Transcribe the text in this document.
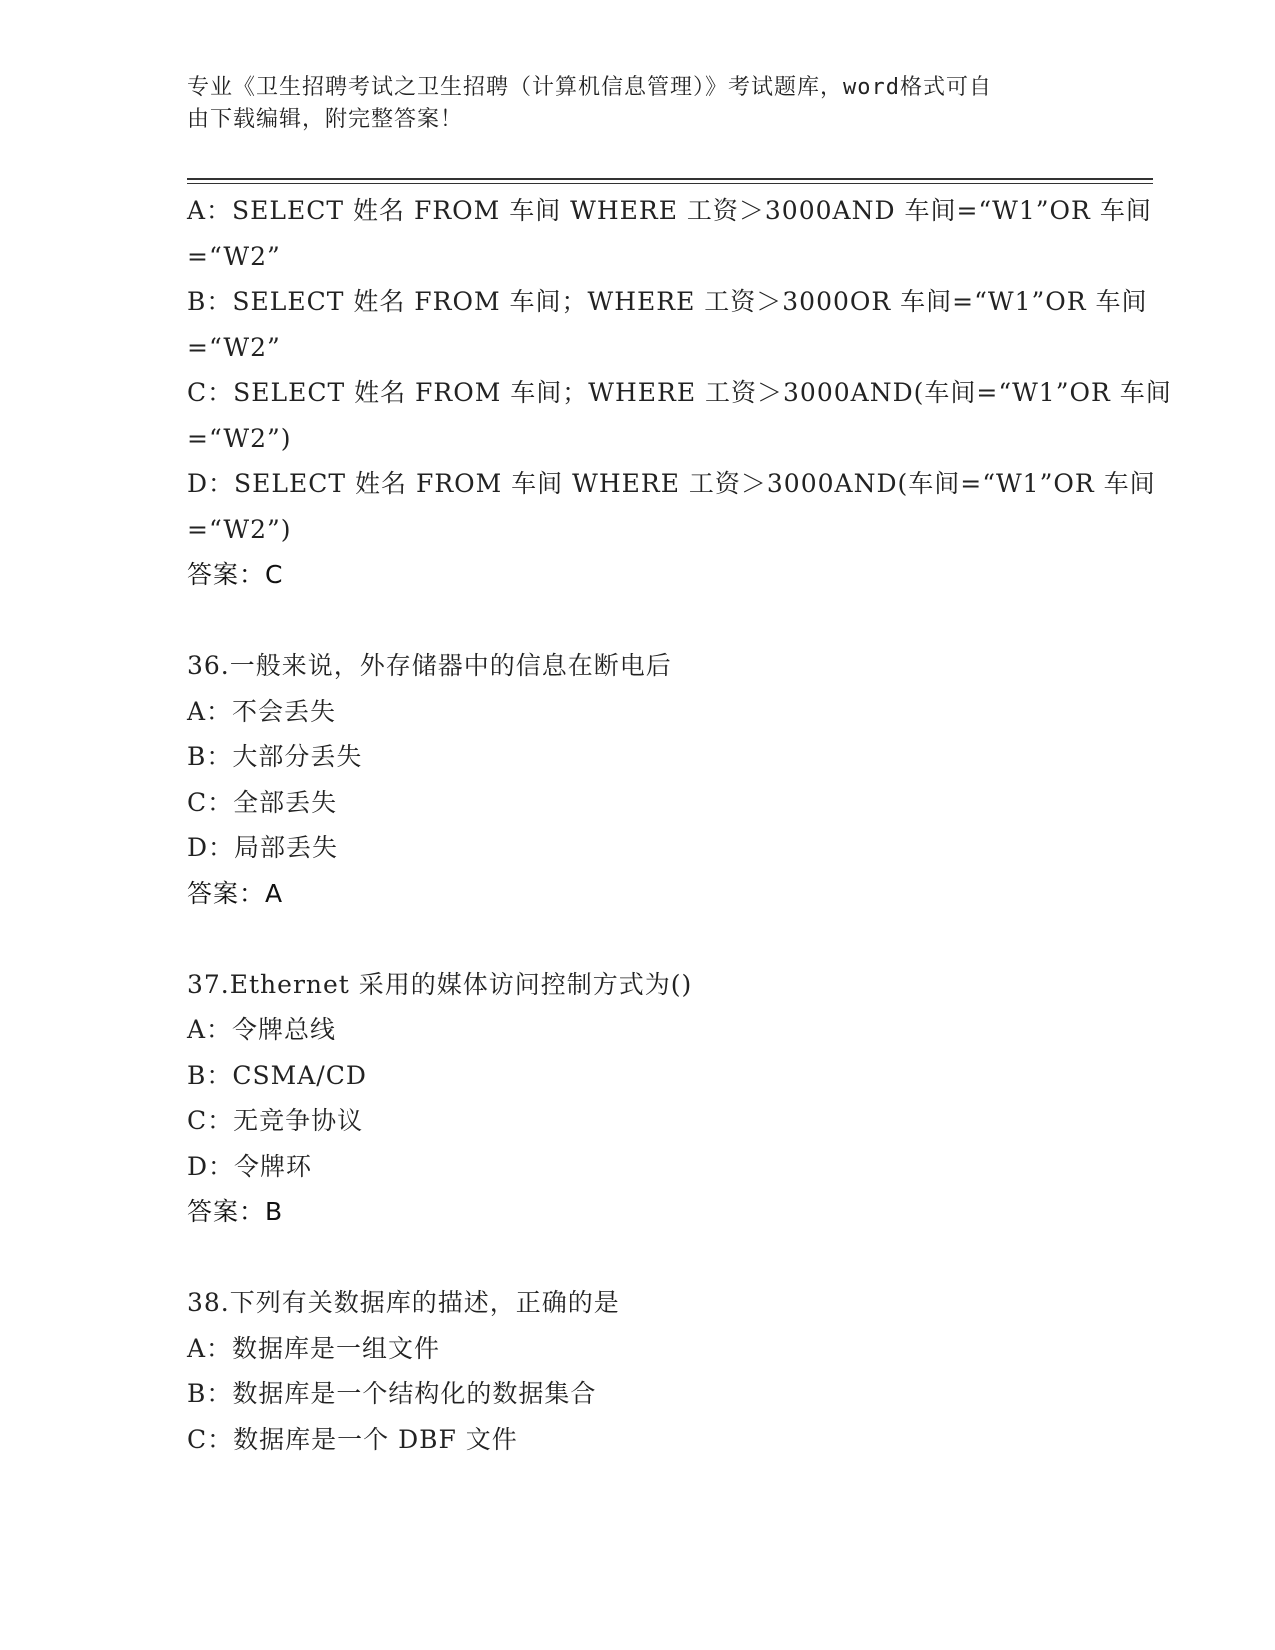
专业《卫生招聘考试之卫生招聘（计算机信息管理）》考试题库，word格式可自
由下载编辑，附完整答案！
A：SELECT 姓名 FROM 车间 WHERE 工资＞3000AND 车间=“W1”OR 车间
=“W2”
B：SELECT 姓名 FROM 车间；WHERE 工资＞3000OR 车间=“W1”OR 车间
=“W2”
C：SELECT 姓名 FROM 车间；WHERE 工资＞3000AND(车间=“W1”OR 车间
=“W2”)
D：SELECT 姓名 FROM 车间 WHERE 工资＞3000AND(车间=“W1”OR 车间
=“W2”)
答案：C
36.一般来说，外存储器中的信息在断电后
A：不会丢失
B：大部分丢失
C：全部丢失
D：局部丢失
答案：A
37.Ethernet 采用的媒体访问控制方式为()
A：令牌总线
B：CSMA/CD
C：无竞争协议
D：令牌环
答案：B
38.下列有关数据库的描述，正确的是
A：数据库是一组文件
B：数据库是一个结构化的数据集合
C：数据库是一个 DBF 文件
